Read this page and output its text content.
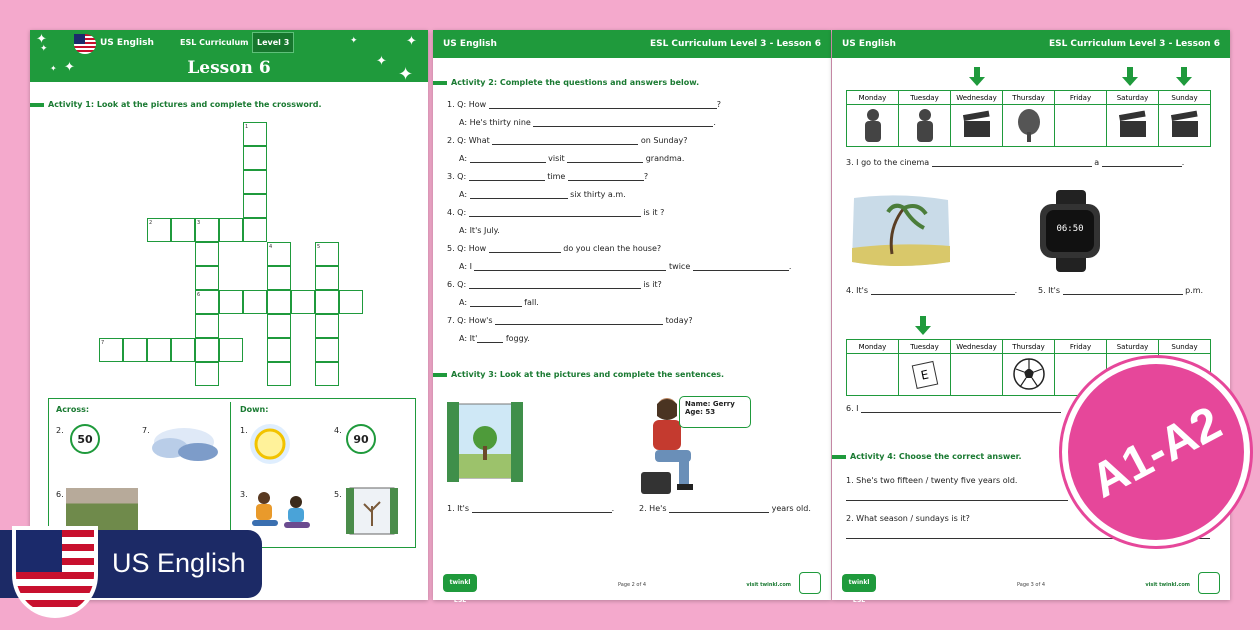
✦
✦
✦
✦
✦
✦
✦
✦
US English	ESL Curriculum	Level 3
Lesson 6
Activity 1: Look at the pictures and complete the crossword.
1
2	3
4	5
6
7
Across:	Down:
2.
50
7.
6.
1.	4.
90
3.	5.
US English	ESL Curriculum Level 3 - Lesson 6
Activity 2: Complete the questions and answers below.
1. Q: How	?
A: He's thirty nine	.
2. Q: What	on Sunday?
A:	visit	grandma.
3. Q:	time	?
A:	six thirty a.m.
4. Q:	is it ?
A: It's July.
5. Q: How	do you clean the house?
A: I	twice	.
6. Q:	is it?
A:	fall.
7. Q: How's	today?
A: It'	foggy.
Activity 3: Look at the pictures and complete the sentences.
Name: Gerry
Age: 53
1. It's	.	2. He's	years old.
twinkl ESL
Page 2 of 4	visit twinkl.com
US English	ESL Curriculum Level 3 - Lesson 6
Monday	Tuesday	Wednesday	Thursday	Friday	Saturday	Sunday

3. I go to the cinema	a	.
06:50
4. It's	.	5. It's	p.m.
Monday	Tuesday	Wednesday	Thursday	Friday	Saturday	Sunday
	E					
6. I
Activity 4: Choose the correct answer.
1. She's two fifteen / twenty five years old.
2. What season / sundays is it?
twinkl ESL
Page 3 of 4	visit twinkl.com
A1-A2
US English
